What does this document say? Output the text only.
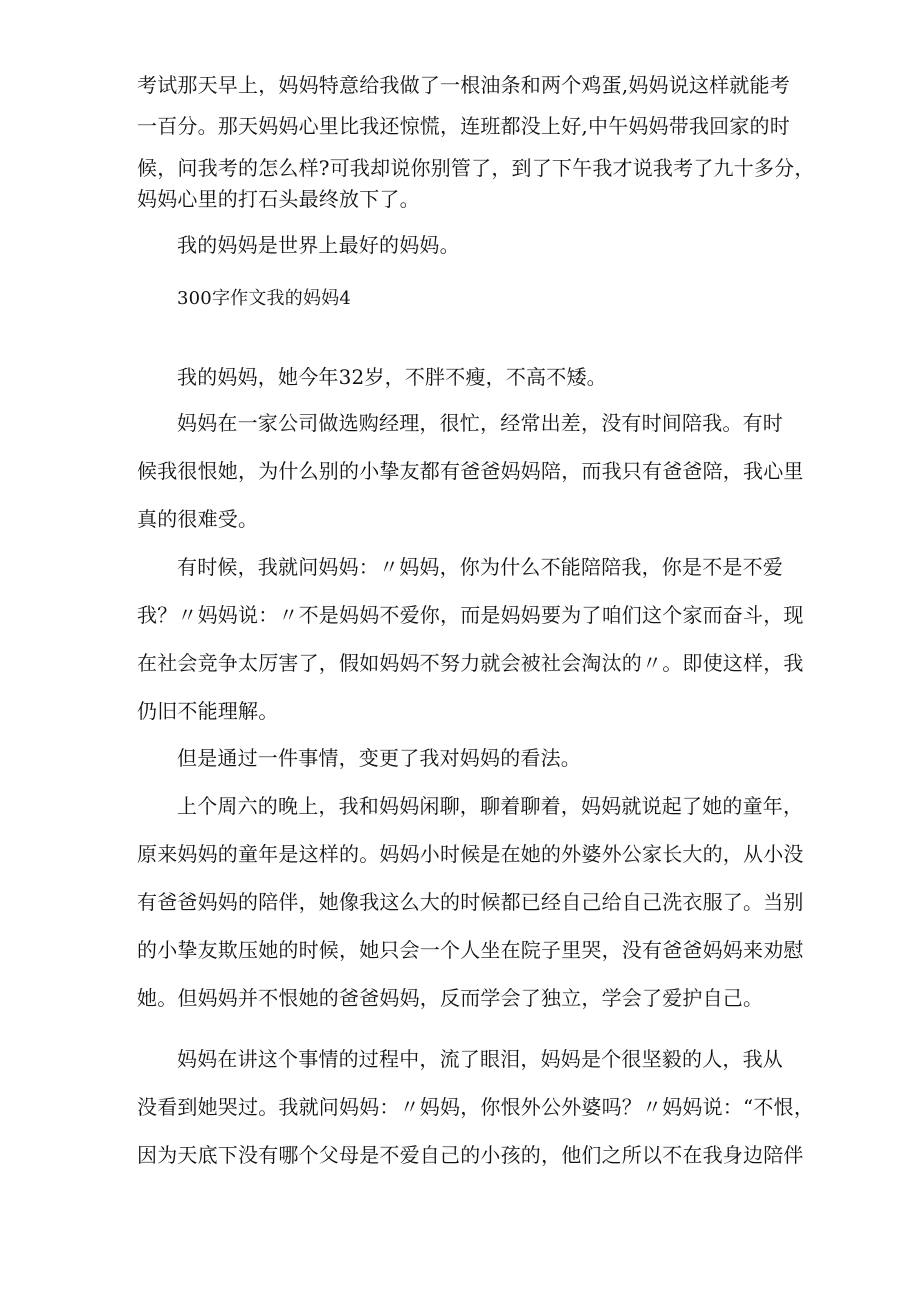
考试那天早上，妈妈特意给我做了一根油条和两个鸡蛋,妈妈说这样就能考
一百分。那天妈妈心里比我还惊慌，连班都没上好,中午妈妈带我回家的时
候，问我考的怎么样?可我却说你别管了，到了下午我才说我考了九十多分，
妈妈心里的打石头最终放下了。
我的妈妈是世界上最好的妈妈。
300字作文我的妈妈4
我的妈妈，她今年32岁，不胖不瘦，不高不矮。
妈妈在一家公司做选购经理，很忙，经常出差，没有时间陪我。有时
候我很恨她，为什么别的小挚友都有爸爸妈妈陪，而我只有爸爸陪，我心里
真的很难受。
有时候，我就问妈妈：〃妈妈，你为什么不能陪陪我，你是不是不爱
我？〃妈妈说：〃不是妈妈不爱你，而是妈妈要为了咱们这个家而奋斗，现
在社会竞争太厉害了，假如妈妈不努力就会被社会淘汰的〃。即使这样，我
仍旧不能理解。
但是通过一件事情，变更了我对妈妈的看法。
上个周六的晚上，我和妈妈闲聊，聊着聊着，妈妈就说起了她的童年，
原来妈妈的童年是这样的。妈妈小时候是在她的外婆外公家长大的，从小没
有爸爸妈妈的陪伴，她像我这么大的时候都已经自己给自己洗衣服了。当别
的小挚友欺压她的时候，她只会一个人坐在院子里哭，没有爸爸妈妈来劝慰
她。但妈妈并不恨她的爸爸妈妈，反而学会了独立，学会了爱护自己。
妈妈在讲这个事情的过程中，流了眼泪，妈妈是个很坚毅的人，我从
没看到她哭过。我就问妈妈：〃妈妈，你恨外公外婆吗？〃妈妈说：“不恨，
因为天底下没有哪个父母是不爱自己的小孩的，他们之所以不在我身边陪伴
